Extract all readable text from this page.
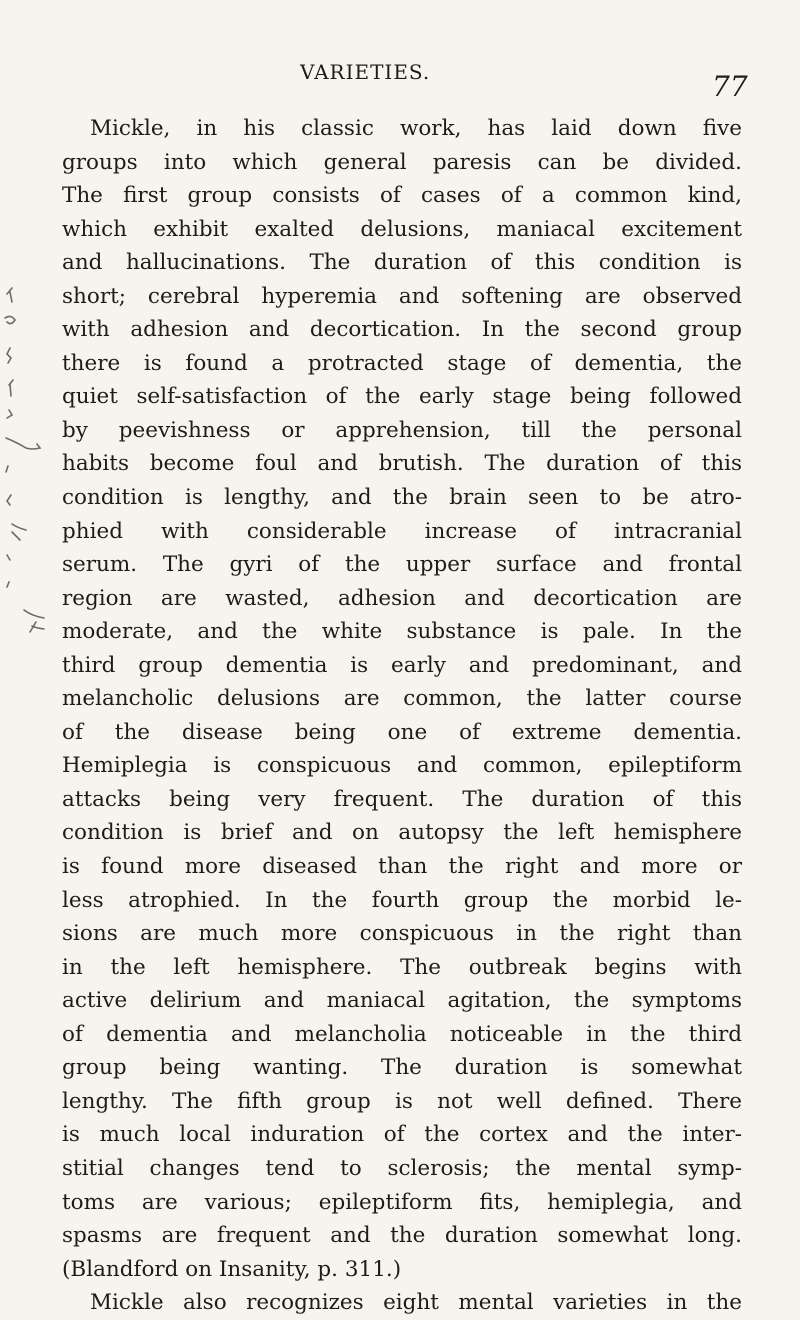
VARIETIES.	77
Mickle, in his classic work, has laid down five
groups into which general paresis can be divided.
The first group consists of cases of a common kind,
which exhibit exalted delusions, maniacal excitement
and hallucinations. The duration of this condition is
short; cerebral hyperemia and softening are observed
with adhesion and decortication. In the second group
there is found a protracted stage of dementia, the
quiet self-satisfaction of the early stage being followed
by peevishness or apprehension, till the personal
habits become foul and brutish. The duration of this
condition is lengthy, and the brain seen to be atro-
phied with considerable increase of intracranial
serum. The gyri of the upper surface and frontal
region are wasted, adhesion and decortication are
moderate, and the white substance is pale. In the
third group dementia is early and predominant, and
melancholic delusions are common, the latter course
of the disease being one of extreme dementia.
Hemiplegia is conspicuous and common, epileptiform
attacks being very frequent. The duration of this
condition is brief and on autopsy the left hemisphere
is found more diseased than the right and more or
less atrophied. In the fourth group the morbid le-
sions are much more conspicuous in the right than
in the left hemisphere. The outbreak begins with
active delirium and maniacal agitation, the symptoms
of dementia and melancholia noticeable in the third
group being wanting. The duration is somewhat
lengthy. The fifth group is not well defined. There
is much local induration of the cortex and the inter-
stitial changes tend to sclerosis; the mental symp-
toms are various; epileptiform fits, hemiplegia, and
spasms are frequent and the duration somewhat long.
(Blandford on Insanity, p. 311.)
Mickle also recognizes eight mental varieties in the
